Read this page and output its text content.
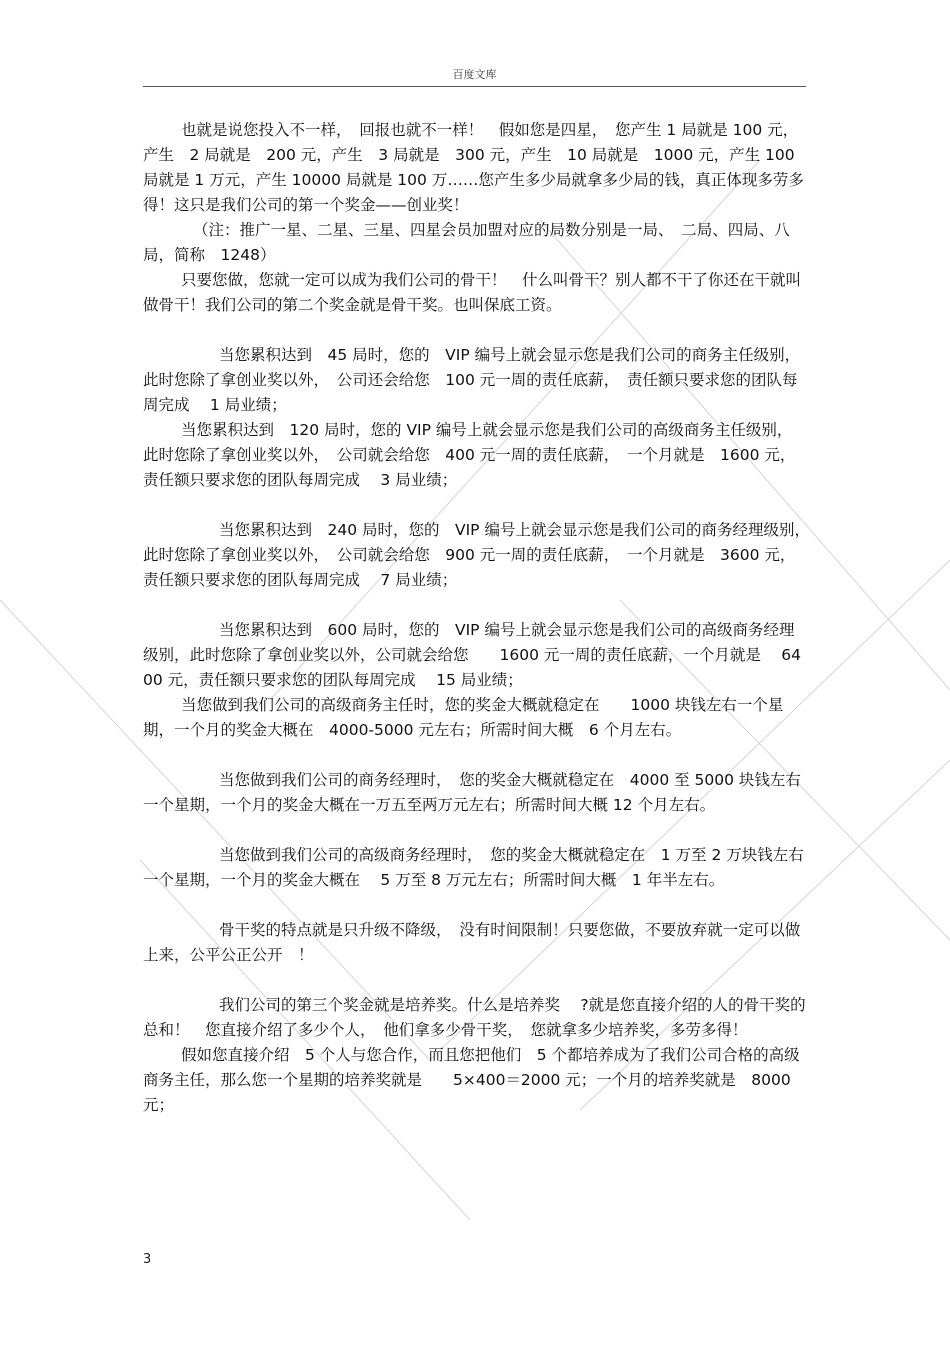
百度文库

也就是说您投入不一样，　回报也就不一样！　假如您是四星，　您产生 1 局就是 100 元，产生　2 局就是　200 元，产生　3 局就是　300 元，产生　10 局就是　1000 元，产生 100 局就是 1 万元，产生 10000 局就是 100 万……您产生多少局就拿多少局的钱，真正体现多劳多得！这只是我们公司的第一个奖金——创业奖！

（注：推广一星、二星、三星、四星会员加盟对应的局数分别是一局、　二局、四局、八局，简称　1248）

只要您做，您就一定可以成为我们公司的骨干！　什么叫骨干？别人都不干了你还在干就叫做骨干！我们公司的第二个奖金就是骨干奖。也叫保底工资。

当您累积达到　45 局时，您的　VIP 编号上就会显示您是我们公司的商务主任级别，　此时您除了拿创业奖以外，　公司还会给您　100 元一周的责任底薪，　责任额只要求您的团队每周完成　 1 局业绩；

当您累积达到　120 局时，您的 VIP 编号上就会显示您是我们公司的高级商务主任级别，　此时您除了拿创业奖以外，　公司就会给您　400 元一周的责任底薪，　一个月就是　1600 元，责任额只要求您的团队每周完成　 3 局业绩；

当您累积达到　240 局时，您的　VIP 编号上就会显示您是我们公司的商务经理级别，　此时您除了拿创业奖以外，　公司就会给您　900 元一周的责任底薪，　一个月就是　3600 元，责任额只要求您的团队每周完成　 7 局业绩；

当您累积达到　600 局时，您的　VIP 编号上就会显示您是我们公司的高级商务经理级别，此时您除了拿创业奖以外，公司就会给您　　1600 元一周的责任底薪，一个月就是　 6400 元，责任额只要求您的团队每周完成　 15 局业绩；

当您做到我们公司的高级商务主任时，您的奖金大概就稳定在　　1000 块钱左右一个星期，一个月的奖金大概在　4000-5000 元左右；所需时间大概　6 个月左右。

当您做到我们公司的商务经理时，　您的奖金大概就稳定在　4000 至 5000 块钱左右一个星期，一个月的奖金大概在一万五至两万元左右；所需时间大概 12 个月左右。

当您做到我们公司的高级商务经理时，　您的奖金大概就稳定在　1 万至 2 万块钱左右一个星期，一个月的奖金大概在　 5 万至 8 万元左右；所需时间大概　1 年半左右。

骨干奖的特点就是只升级不降级，　没有时间限制！只要您做，不要放弃就一定可以做上来，公平公正公开　！

我们公司的第三个奖金就是培养奖。什么是培养奖　 ?就是您直接介绍的人的骨干奖的总和！　您直接介绍了多少个人，　他们拿多少骨干奖，　您就拿多少培养奖，多劳多得！

假如您直接介绍　5 个人与您合作，而且您把他们　5 个都培养成为了我们公司合格的高级商务主任，那么您一个星期的培养奖就是　　5×400＝2000 元；一个月的培养奖就是　8000 元；

3
